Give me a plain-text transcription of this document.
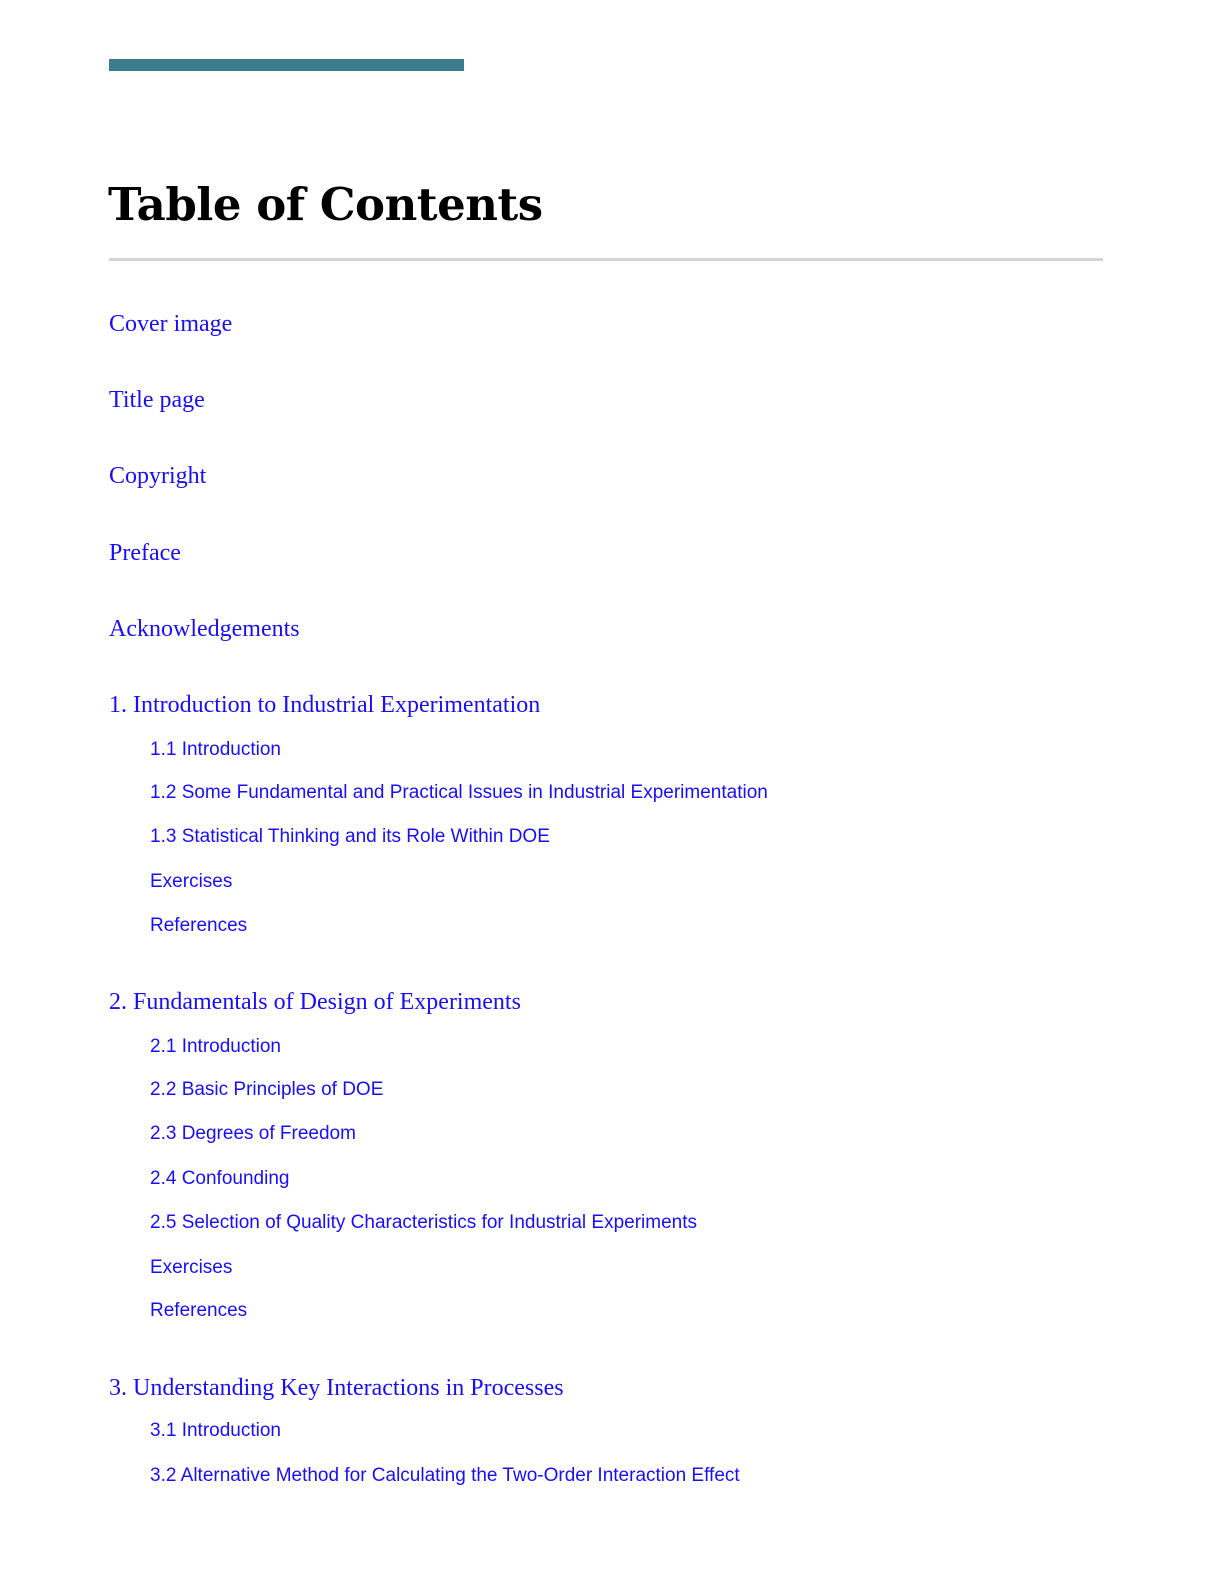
Table of Contents
Cover image
Title page
Copyright
Preface
Acknowledgements
1. Introduction to Industrial Experimentation
1.1 Introduction
1.2 Some Fundamental and Practical Issues in Industrial Experimentation
1.3 Statistical Thinking and its Role Within DOE
Exercises
References
2. Fundamentals of Design of Experiments
2.1 Introduction
2.2 Basic Principles of DOE
2.3 Degrees of Freedom
2.4 Confounding
2.5 Selection of Quality Characteristics for Industrial Experiments
Exercises
References
3. Understanding Key Interactions in Processes
3.1 Introduction
3.2 Alternative Method for Calculating the Two-Order Interaction Effect
